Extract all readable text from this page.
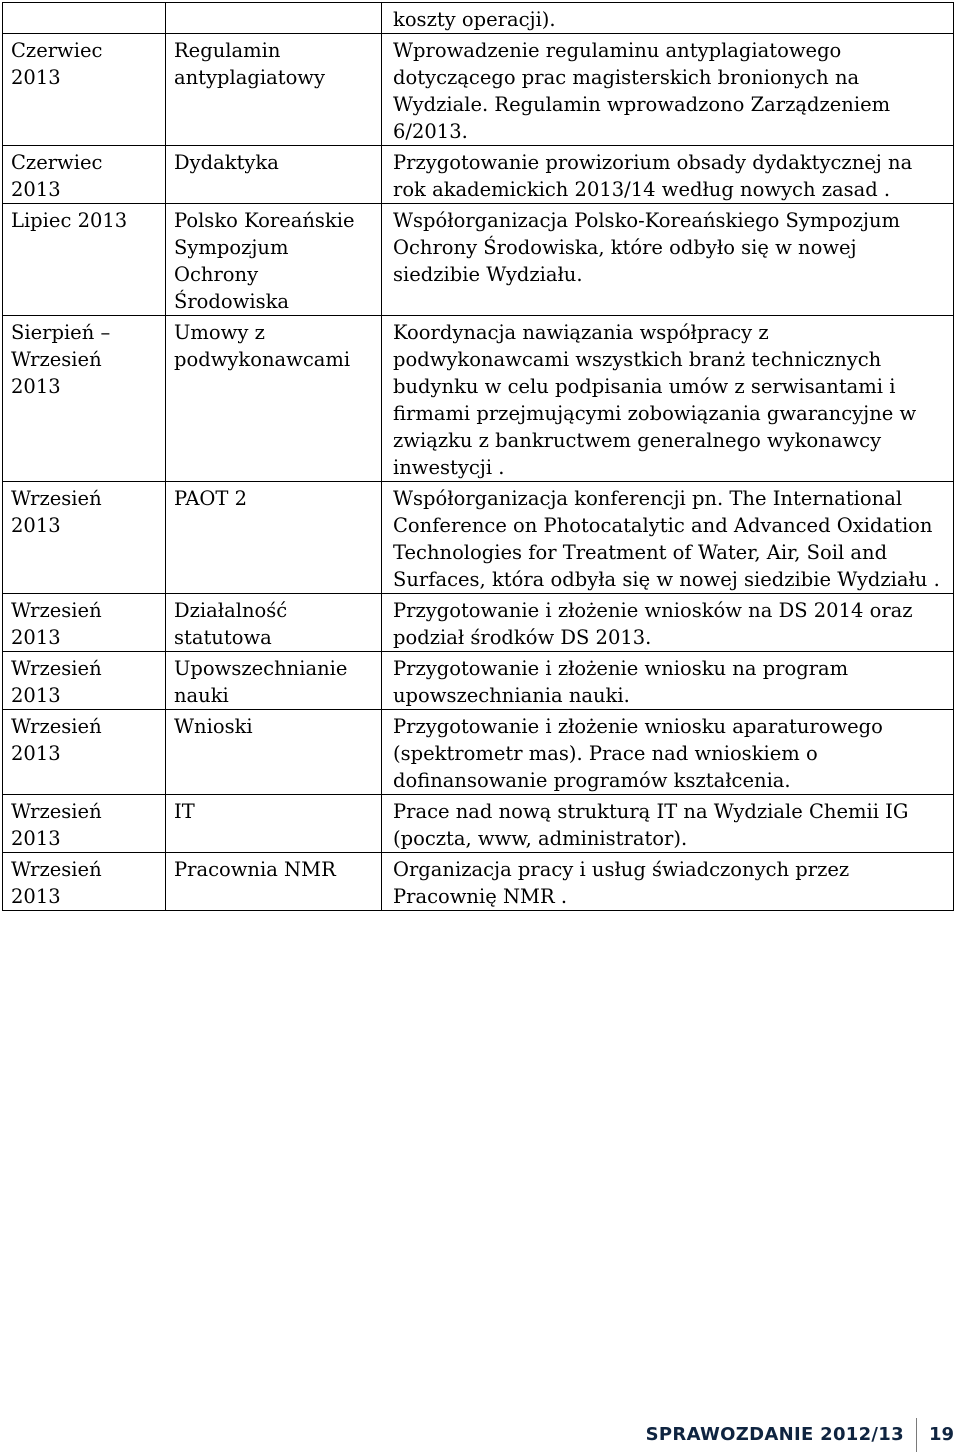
		koszty operacji).
Czerwiec 2013	Regulamin antyplagiatowy	Wprowadzenie regulaminu antyplagiatowego dotyczącego prac magisterskich bronionych na Wydziale. Regulamin wprowadzono Zarządzeniem 6/2013.
Czerwiec 2013	Dydaktyka	Przygotowanie prowizorium obsady dydaktycznej na rok akademickich 2013/14 według nowych zasad .
Lipiec 2013	Polsko Koreańskie Sympozjum Ochrony Środowiska	Współorganizacja Polsko-Koreańskiego Sympozjum Ochrony Środowiska, które odbyło się w nowej siedzibie Wydziału.
Sierpień – Wrzesień 2013	Umowy z podwykonawcami	Koordynacja nawiązania współpracy z podwykonawcami wszystkich branż technicznych budynku w celu podpisania umów z serwisantami i firmami przejmującymi zobowiązania gwarancyjne w związku z bankructwem generalnego wykonawcy inwestycji .
Wrzesień 2013	PAOT 2	Współorganizacja konferencji pn. The International Conference on Photocatalytic and Advanced Oxidation Technologies for Treatment of Water, Air, Soil and Surfaces, która odbyła się w nowej siedzibie Wydziału .
Wrzesień 2013	Działalność statutowa	Przygotowanie i złożenie wniosków na DS 2014 oraz podział środków DS 2013.
Wrzesień 2013	Upowszechnianie nauki	Przygotowanie i złożenie wniosku na program upowszechniania nauki.
Wrzesień 2013	Wnioski	Przygotowanie i złożenie wniosku aparaturowego (spektrometr mas). Prace nad wnioskiem o dofinansowanie programów kształcenia.
Wrzesień 2013	IT	Prace nad nową strukturą IT na Wydziale Chemii IG (poczta, www, administrator).
Wrzesień 2013	Pracownia NMR	Organizacja pracy i usług świadczonych przez Pracownię NMR .
SPRAWOZDANIE 2012/13	19
